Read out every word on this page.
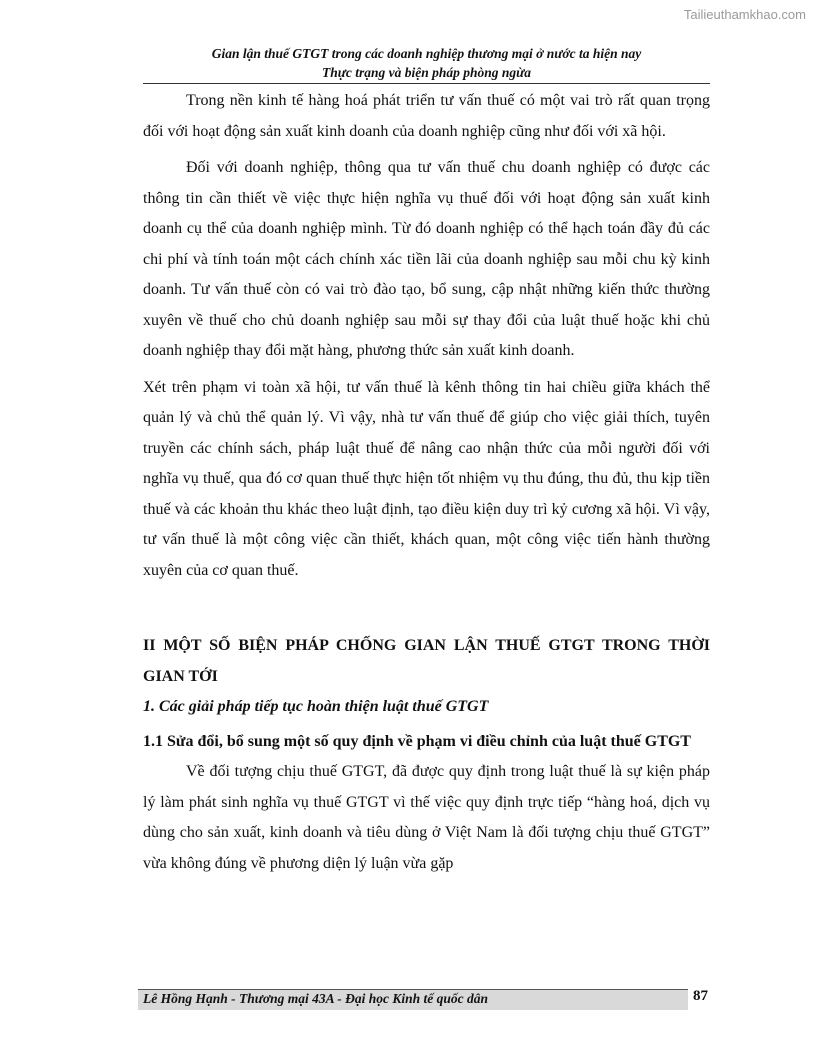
Tailieuthamkhao.com
Gian lận thuế GTGT trong các doanh nghiệp thương mại ở nước ta hiện nay
Thực trạng và biện pháp phòng ngừa

Trong nền kinh tế hàng hoá phát triển tư vấn thuế có một vai trò rất quan trọng đối với hoạt động sản xuất kinh doanh của doanh nghiệp cũng như đối với xã hội.

Đối với doanh nghiệp, thông qua tư vấn thuế chu doanh nghiệp có được các thông tin cần thiết về việc thực hiện nghĩa vụ thuế đối với hoạt động sản xuất kinh doanh cụ thể của doanh nghiệp mình. Từ đó doanh nghiệp có thể hạch toán đầy đủ các chi phí và tính toán một cách chính xác tiền lãi của doanh nghiệp sau mỗi chu kỳ kinh doanh. Tư vấn thuế còn có vai trò đào tạo, bổ sung, cập nhật những kiến thức thường xuyên về thuế cho chủ doanh nghiệp sau mỗi sự thay đổi của luật thuế hoặc khi chủ doanh nghiệp thay đổi mặt hàng, phương thức sản xuất kinh doanh.

Xét trên phạm vi toàn xã hội, tư vấn thuế là kênh thông tin hai chiều giữa khách thể quản lý và chủ thể quản lý. Vì vậy, nhà tư vấn thuế để giúp cho việc giải thích, tuyên truyền các chính sách, pháp luật thuế để nâng cao nhận thức của mỗi người đối với nghĩa vụ thuế, qua đó cơ quan thuế thực hiện tốt nhiệm vụ thu đúng, thu đủ, thu kịp tiền thuế và các khoản thu khác theo luật định, tạo điều kiện duy trì kỷ cương xã hội. Vì vậy, tư vấn thuế là một công việc cần thiết, khách quan, một công việc tiến hành thường xuyên của cơ quan thuế.

II MỘT SỐ BIỆN PHÁP CHỐNG GIAN LẬN THUẾ GTGT TRONG THỜI GIAN TỚI
1. Các giải pháp tiếp tục hoàn thiện luật thuế GTGT
1.1 Sửa đổi, bổ sung một số quy định về phạm vi điều chỉnh của luật thuế GTGT

Về đối tượng chịu thuế GTGT, đã được quy định trong luật thuế là sự kiện pháp lý làm phát sinh nghĩa vụ thuế GTGT vì thế việc quy định trực tiếp “hàng hoá, dịch vụ dùng cho sản xuất, kinh doanh và tiêu dùng ở Việt Nam là đối tượng chịu thuế GTGT” vừa không đúng về phương diện lý luận vừa gặp

Lê Hồng Hạnh - Thương mại 43A - Đại học Kinh tế quốc dân	87
